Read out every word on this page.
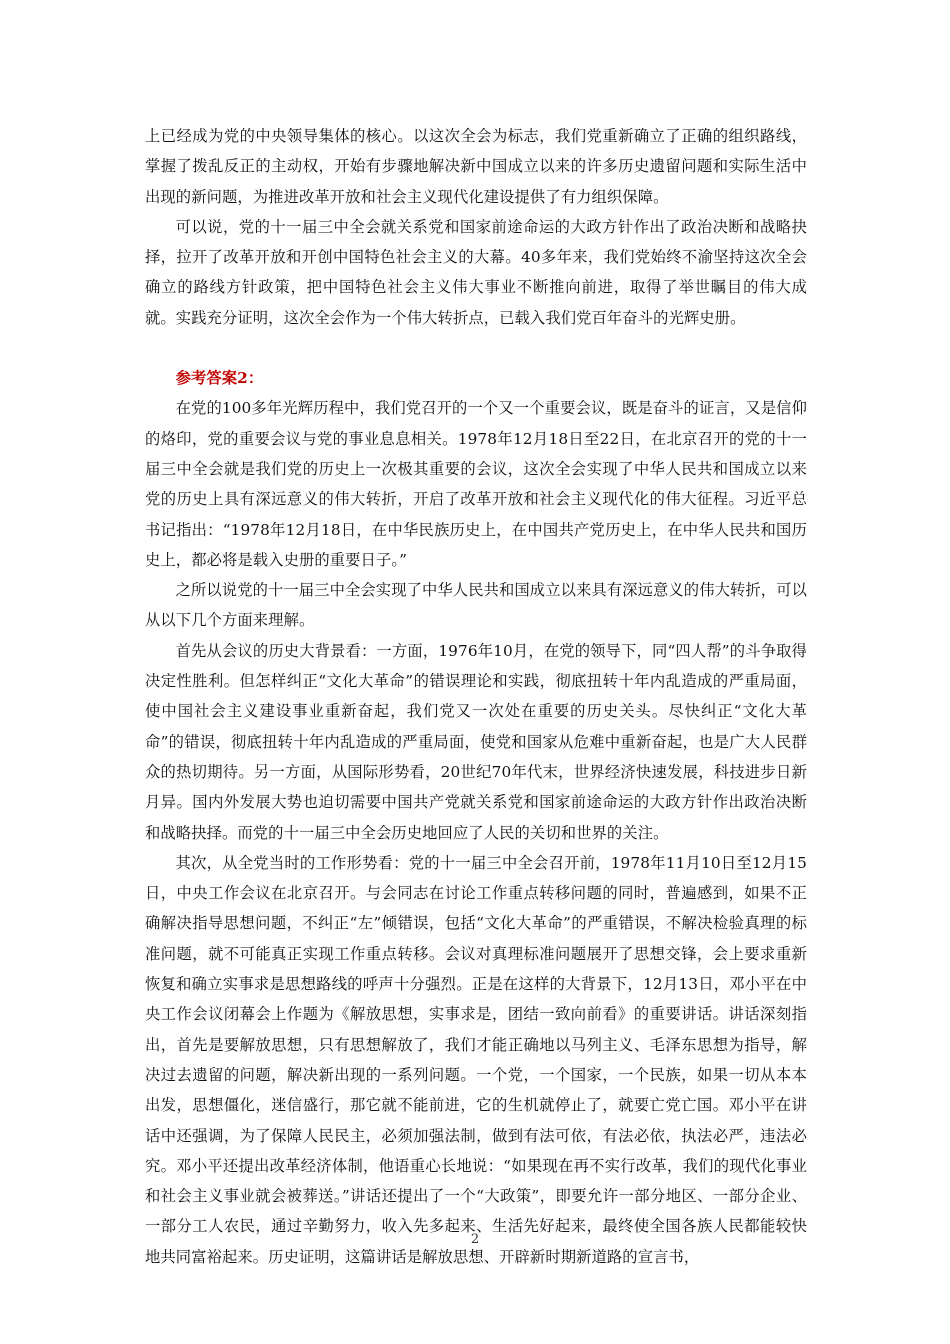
上已经成为党的中央领导集体的核心。以这次全会为标志，我们党重新确立了正确的组织路线，掌握了拨乱反正的主动权，开始有步骤地解决新中国成立以来的许多历史遗留问题和实际生活中出现的新问题，为推进改革开放和社会主义现代化建设提供了有力组织保障。

可以说，党的十一届三中全会就关系党和国家前途命运的大政方针作出了政治决断和战略抉择，拉开了改革开放和开创中国特色社会主义的大幕。40多年来，我们党始终不渝坚持这次全会确立的路线方针政策，把中国特色社会主义伟大事业不断推向前进，取得了举世瞩目的伟大成就。实践充分证明，这次全会作为一个伟大转折点，已载入我们党百年奋斗的光辉史册。

参考答案2：

在党的100多年光辉历程中，我们党召开的一个又一个重要会议，既是奋斗的证言，又是信仰的烙印，党的重要会议与党的事业息息相关。1978年12月18日至22日，在北京召开的党的十一届三中全会就是我们党的历史上一次极其重要的会议，这次全会实现了中华人民共和国成立以来党的历史上具有深远意义的伟大转折，开启了改革开放和社会主义现代化的伟大征程。习近平总书记指出：“1978年12月18日，在中华民族历史上，在中国共产党历史上，在中华人民共和国历史上，都必将是载入史册的重要日子。”

之所以说党的十一届三中全会实现了中华人民共和国成立以来具有深远意义的伟大转折，可以从以下几个方面来理解。

首先从会议的历史大背景看：一方面，1976年10月，在党的领导下，同“四人帮”的斗争取得决定性胜利。但怎样纠正“文化大革命”的错误理论和实践，彻底扭转十年内乱造成的严重局面，使中国社会主义建设事业重新奋起，我们党又一次处在重要的历史关头。尽快纠正“文化大革命”的错误，彻底扭转十年内乱造成的严重局面，使党和国家从危难中重新奋起，也是广大人民群众的热切期待。另一方面，从国际形势看，20世纪70年代末，世界经济快速发展，科技进步日新月异。国内外发展大势也迫切需要中国共产党就关系党和国家前途命运的大政方针作出政治决断和战略抉择。而党的十一届三中全会历史地回应了人民的关切和世界的关注。

其次，从全党当时的工作形势看：党的十一届三中全会召开前，1978年11月10日至12月15日，中央工作会议在北京召开。与会同志在讨论工作重点转移问题的同时，普遍感到，如果不正确解决指导思想问题，不纠正“左”倾错误，包括“文化大革命”的严重错误，不解决检验真理的标准问题，就不可能真正实现工作重点转移。会议对真理标准问题展开了思想交锋，会上要求重新恢复和确立实事求是思想路线的呼声十分强烈。正是在这样的大背景下，12月13日，邓小平在中央工作会议闭幕会上作题为《解放思想，实事求是，团结一致向前看》的重要讲话。讲话深刻指出，首先是要解放思想，只有思想解放了，我们才能正确地以马列主义、毛泽东思想为指导，解决过去遗留的问题，解决新出现的一系列问题。一个党，一个国家，一个民族，如果一切从本本出发，思想僵化，迷信盛行，那它就不能前进，它的生机就停止了，就要亡党亡国。邓小平在讲话中还强调，为了保障人民民主，必须加强法制，做到有法可依，有法必依，执法必严，违法必究。邓小平还提出改革经济体制，他语重心长地说：“如果现在再不实行改革，我们的现代化事业和社会主义事业就会被葬送。”讲话还提出了一个“大政策”，即要允许一部分地区、一部分企业、一部分工人农民，通过辛勤努力，收入先多起来、生活先好起来，最终使全国各族人民都能较快地共同富裕起来。历史证明，这篇讲话是解放思想、开辟新时期新道路的宣言书，

2
